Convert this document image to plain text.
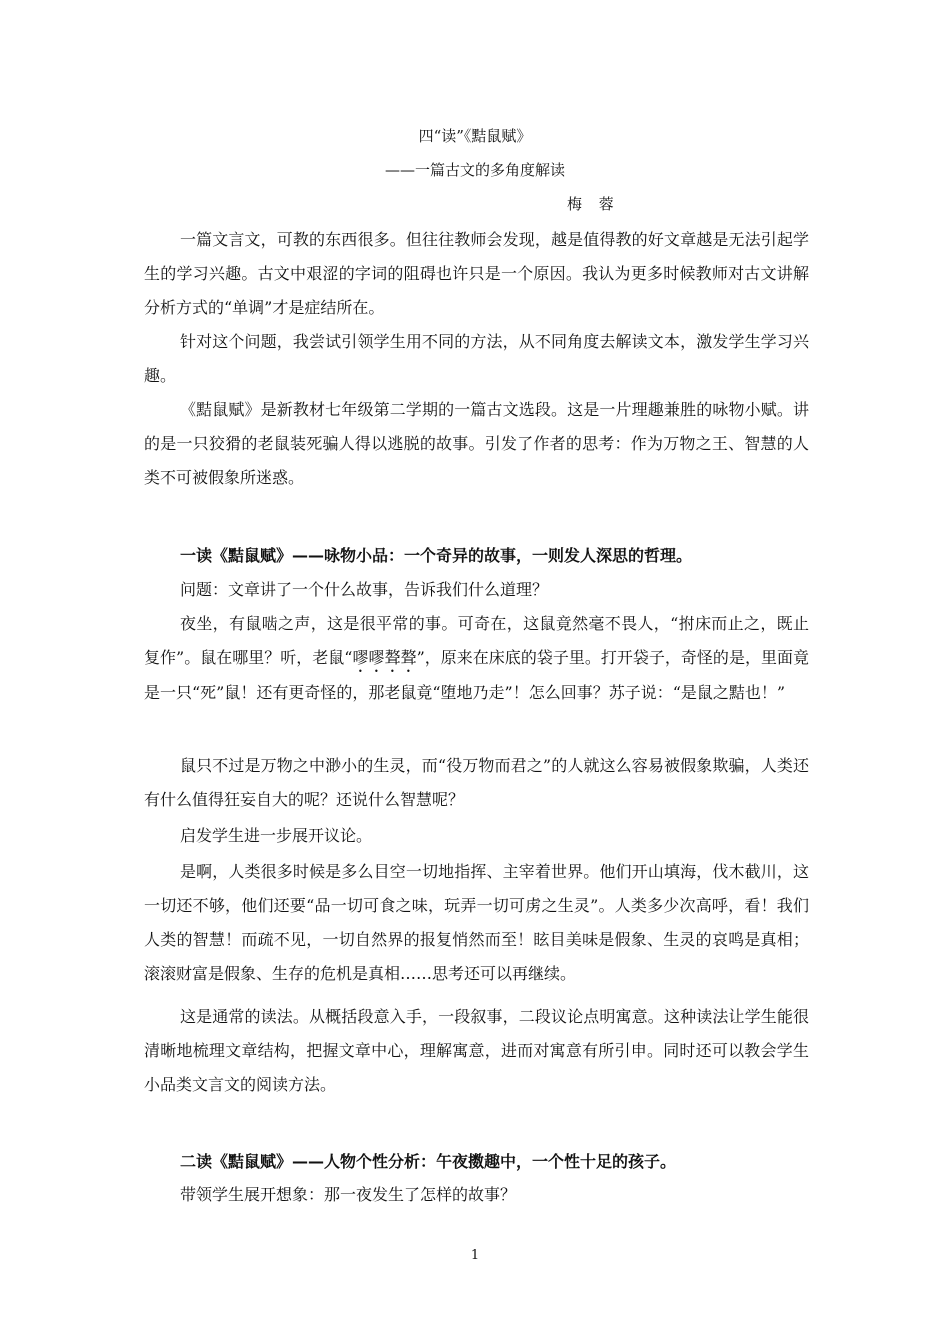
四“读”《黠鼠赋》
——一篇古文的多角度解读
梅 蓉

一篇文言文，可教的东西很多。但往往教师会发现，越是值得教的好文章越是无法引起学生的学习兴趣。古文中艰涩的字词的阻碍也许只是一个原因。我认为更多时候教师对古文讲解分析方式的“单调”才是症结所在。

针对这个问题，我尝试引领学生用不同的方法，从不同角度去解读文本，激发学生学习兴趣。

《黠鼠赋》是新教材七年级第二学期的一篇古文选段。这是一片理趣兼胜的咏物小赋。讲的是一只狡猾的老鼠装死骗人得以逃脱的故事。引发了作者的思考：作为万物之王、智慧的人类不可被假象所迷惑。

一读《黠鼠赋》——咏物小品：一个奇异的故事，一则发人深思的哲理。

问题：文章讲了一个什么故事，告诉我们什么道理？

夜坐，有鼠啮之声，这是很平常的事。可奇在，这鼠竟然毫不畏人，“拊床而止之，既止复作”。鼠在哪里？听，老鼠“嘐嘐聱聱”，原来在床底的袋子里。打开袋子，奇怪的是，里面竟是一只“死”鼠！还有更奇怪的，那老鼠竟“堕地乃走”！怎么回事？苏子说：“是鼠之黠也！”

鼠只不过是万物之中渺小的生灵，而“役万物而君之”的人就这么容易被假象欺骗，人类还有什么值得狂妄自大的呢？还说什么智慧呢？

启发学生进一步展开议论。

是啊，人类很多时候是多么目空一切地指挥、主宰着世界。他们开山填海，伐木截川，这一切还不够，他们还要“品一切可食之味，玩弄一切可虏之生灵”。人类多少次高呼，看！我们人类的智慧！而疏不见，一切自然界的报复悄然而至！眩目美味是假象、生灵的哀鸣是真相；滚滚财富是假象、生存的危机是真相……思考还可以再继续。

这是通常的读法。从概括段意入手，一段叙事，二段议论点明寓意。这种读法让学生能很清晰地梳理文章结构，把握文章中心，理解寓意，进而对寓意有所引申。同时还可以教会学生小品类文言文的阅读方法。

二读《黠鼠赋》——人物个性分析：午夜擞趣中，一个性十足的孩子。

带领学生展开想象：那一夜发生了怎样的故事？

1
